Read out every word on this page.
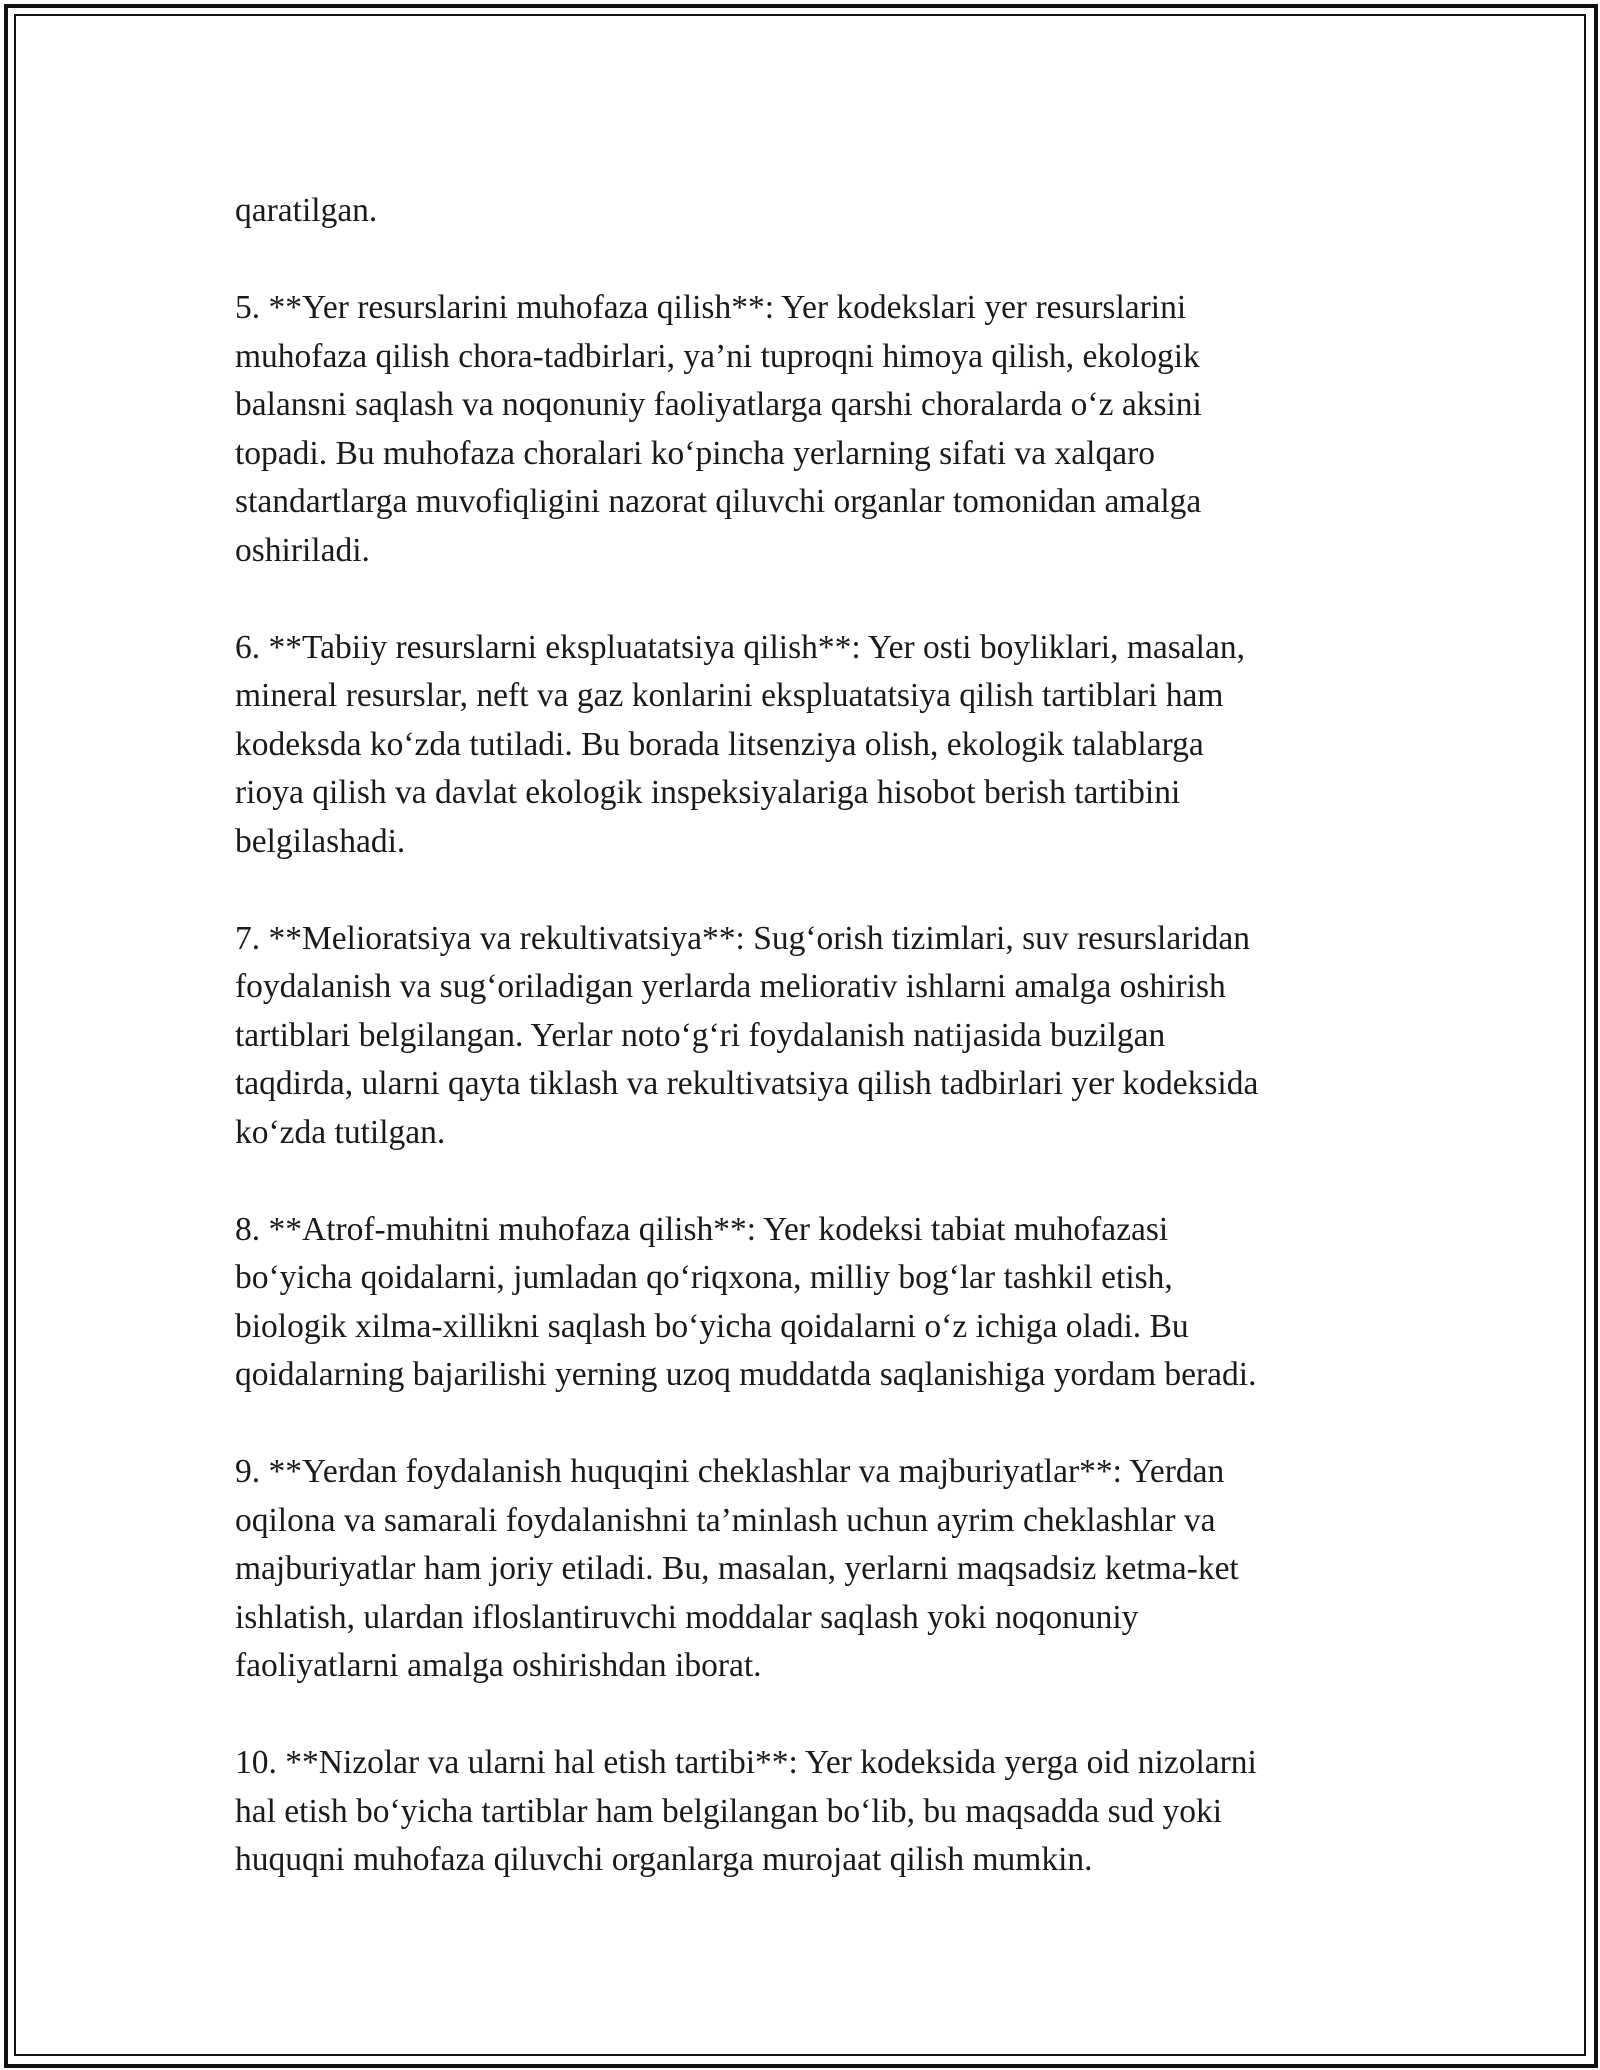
qaratilgan.

5. **Yer resurslarini muhofaza qilish**: Yer kodekslari yer resurslarini
muhofaza qilish chora-tadbirlari, ya’ni tuproqni himoya qilish, ekologik
balansni saqlash va noqonuniy faoliyatlarga qarshi choralarda o‘z aksini
topadi. Bu muhofaza choralari ko‘pincha yerlarning sifati va xalqaro
standartlarga muvofiqligini nazorat qiluvchi organlar tomonidan amalga
oshiriladi.

6. **Tabiiy resurslarni ekspluatatsiya qilish**: Yer osti boyliklari, masalan,
mineral resurslar, neft va gaz konlarini ekspluatatsiya qilish tartiblari ham
kodeksda ko‘zda tutiladi. Bu borada litsenziya olish, ekologik talablarga
rioya qilish va davlat ekologik inspeksiyalariga hisobot berish tartibini
belgilashadi.

7. **Melioratsiya va rekultivatsiya**: Sug‘orish tizimlari, suv resurslaridan
foydalanish va sug‘oriladigan yerlarda meliorativ ishlarni amalga oshirish
tartiblari belgilangan. Yerlar noto‘g‘ri foydalanish natijasida buzilgan
taqdirda, ularni qayta tiklash va rekultivatsiya qilish tadbirlari yer kodeksida
ko‘zda tutilgan.

8. **Atrof-muhitni muhofaza qilish**: Yer kodeksi tabiat muhofazasi
bo‘yicha qoidalarni, jumladan qo‘riqxona, milliy bog‘lar tashkil etish,
biologik xilma-xillikni saqlash bo‘yicha qoidalarni o‘z ichiga oladi. Bu
qoidalarning bajarilishi yerning uzoq muddatda saqlanishiga yordam beradi.

9. **Yerdan foydalanish huquqini cheklashlar va majburiyatlar**: Yerdan
oqilona va samarali foydalanishni ta’minlash uchun ayrim cheklashlar va
majburiyatlar ham joriy etiladi. Bu, masalan, yerlarni maqsadsiz ketma-ket
ishlatish, ulardan ifloslantiruvchi moddalar saqlash yoki noqonuniy
faoliyatlarni amalga oshirishdan iborat.

10. **Nizolar va ularni hal etish tartibi**: Yer kodeksida yerga oid nizolarni
hal etish bo‘yicha tartiblar ham belgilangan bo‘lib, bu maqsadda sud yoki
huquqni muhofaza qiluvchi organlarga murojaat qilish mumkin.
